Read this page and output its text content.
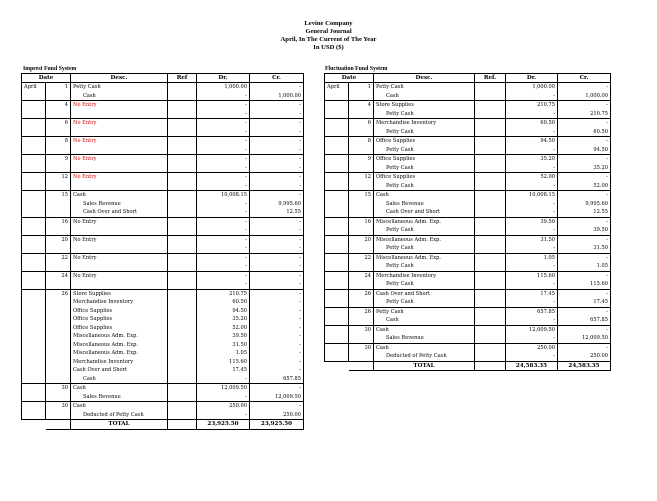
Levine Company
General Journal
April, In The Current of The Year
In USD ($)
Imprest Fund System	Fluctuation Fund System
Date		Desc.	Ref	Dr.	Cr.
April	1	Petty Cash		1,000.00	-
		Cash		-	1,000.00
	4	No Entry		-	-
				-	-
	6	No Entry		-	-
				-	-
	8	No Entry		-	-
				-	-
	9	No Entry		-	-
				-	-
	12	No Entry		-	-
				-	-
	15	Cash		10,008.15	-
		Sales Revenue		-	9,995.60
		Cash Over and Short		-	12.55
	16	No Entry		-	-
				-	-
	20	No Entry		-	-
				-	-
	22	No Entry		-	-
				-	-
	24	No Entry		-	-
				-	-
	26	Store Supplies		210.75	-
		Merchandise Inventory		60.50	-
		Office Supplies		94.50	-
		Office Supplies		35.20	-
		Office Supplies		52.00	-
		Miscellaneous Adm. Exp.		39.50	-
		Miscellaneous Adm. Exp.		31.50	-
		Miscellaneous Adm. Exp.		1.05	-
		Merchandise Inventory		115.60	-
		Cash Over and Short		17.45	-
		Cash		-	657.85
	30	Cash		12,009.50	-
		Sales Revenue		-	12,009.50
	30	Cash		250.00	-
		Deducted of Petty Cash		-	250.00
		TOTAL		23,925.50	23,925.50
Date		Desc.	Ref.	Dr.	Cr.
April	1	Petty Cash		1,000.00	-
		Cash		-	1,000.00
	4	Store Supplies		210.75	-
		Petty Cash		-	210.75
	6	Merchandise Inventory		60.50	-
		Petty Cash		-	60.50
	8	Office Supplies		94.50	-
		Petty Cash		-	94.50
	9	Office Supplies		35.20	-
		Petty Cash		-	35.20
	12	Office Supplies		52.00	-
		Petty Cash		-	52.00
	15	Cash		10,008.15	-
		Sales Revenue		-	9,995.60
		Cash Over and Short		-	12.55
	16	Miscellaneous Adm. Exp.		39.50	-
		Petty Cash		-	39.50
	20	Miscellaneous Adm. Exp.		31.50	-
		Petty Cash		-	31.50
	22	Miscellaneous Adm. Exp.		1.05	-
		Petty Cash		-	1.05
	24	Merchandise Inventory		115.60	-
		Petty Cash		-	115.60
	26	Cash Over and Short		17.45	-
		Petty Cash		-	17.45
	26	Petty Cash		657.85	-
		Cash		-	657.85
	30	Cash		12,009.50	-
		Sales Revenue		-	12,009.50
	30	Cash		250.00	-
		Deducted of Petty Cash		-	250.00
		TOTAL		24,583.35	24,583.35
